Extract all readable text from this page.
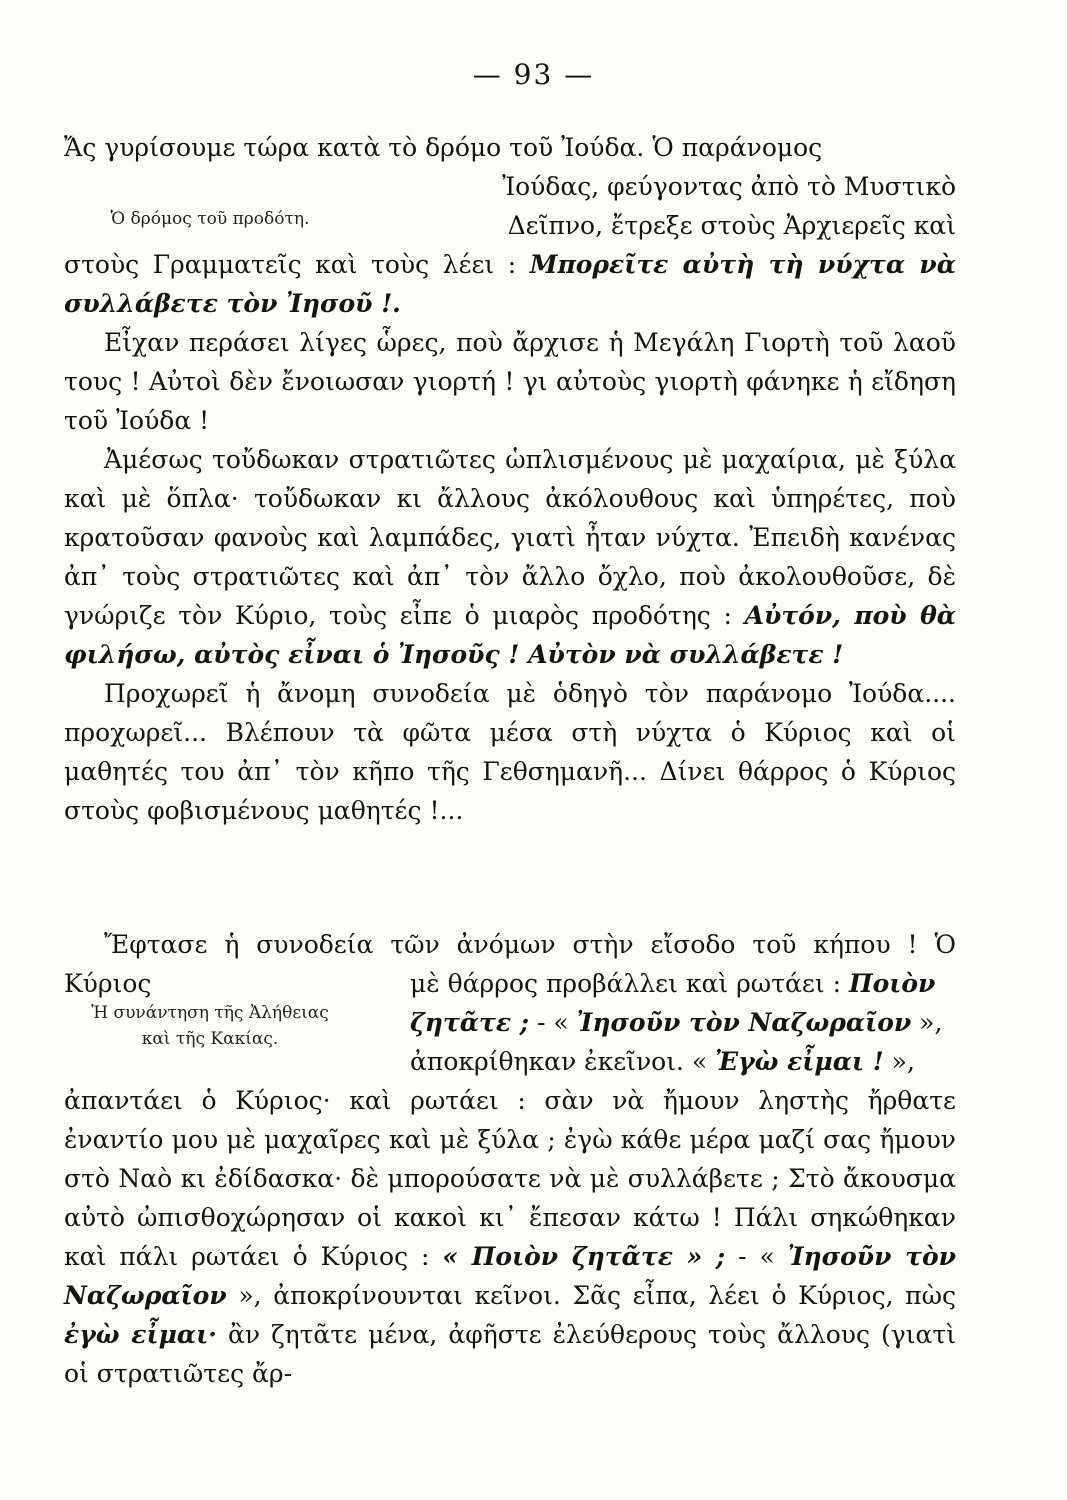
— 93 —

Ἄς γυρίσουμε τώρα κατὰ τὸ δρόμο τοῦ Ἰούδα. Ὁ παράνομος

Ὁ δρόμος τοῦ προδότη.
Ἰούδας, φεύγοντας ἀπὸ τὸ Μυστικὸ
Δεῖπνο, ἔτρεξε στοὺς Ἀρχιερεῖς καὶ

στοὺς Γραμματεῖς καὶ τοὺς λέει : Μπορεῖτε αὐτὴ τὴ νύχτα νὰ συλλάβετε τὸν Ἰησοῦ !.

Εἶχαν περάσει λίγες ὧρες, ποὺ ἄρχισε ἡ Μεγάλη Γιορτὴ τοῦ λαοῦ τους ! Αὐτοὶ δὲν ἔνοιωσαν γιορτή ! γι αὐτοὺς γιορτὴ φάνηκε ἡ εἴδηση τοῦ Ἰούδα !

Ἀμέσως τοὔδωκαν στρατιῶτες ὡπλισμένους μὲ μαχαίρια, μὲ ξύλα καὶ μὲ ὅπλα· τοὔδωκαν κι ἄλλους ἀκόλουθους καὶ ὑπηρέτες, ποὺ κρατοῦσαν φανοὺς καὶ λαμπάδες, γιατὶ ἦταν νύχτα. Ἐπειδὴ κανένας ἀπ᾽ τοὺς στρατιῶτες καὶ ἀπ᾽ τὸν ἄλλο ὄχλο, ποὺ ἀκολουθοῦσε, δὲ γνώριζε τὸν Κύριο, τοὺς εἶπε ὁ μιαρὸς προδότης : Αὐτόν, ποὺ θὰ φιλήσω, αὐτὸς εἶναι ὁ Ἰησοῦς ! Αὐτὸν νὰ συλλάβετε !

Προχωρεῖ ἡ ἄνομη συνοδεία μὲ ὁδηγὸ τὸν παράνομο Ἰούδα.... προχωρεῖ... Βλέπουν τὰ φῶτα μέσα στὴ νύχτα ὁ Κύριος καὶ οἱ μαθητές του ἀπ᾽ τὸν κῆπο τῆς Γεθσημανῆ... Δίνει θάρρος ὁ Κύριος στοὺς φοβισμένους μαθητές !...

Ἔφτασε ἡ συνοδεία τῶν ἀνόμων στὴν εἴσοδο τοῦ κήπου ! Ὁ Κύριος

Ἡ συνάντηση τῆς Ἀλήθειας
καὶ τῆς Κακίας.
μὲ θάρρος προβάλλει καὶ ρωτάει : Ποιὸν
ζητᾶτε ; - « Ἰησοῦν τὸν Ναζωραῖον »,
ἀποκρίθηκαν ἐκεῖνοι. « Ἐγὼ εἶμαι ! »,

ἀπαντάει ὁ Κύριος· καὶ ρωτάει : σὰν νὰ ἤμουν ληστὴς ἤρθατε ἐναντίο μου μὲ μαχαῖρες καὶ μὲ ξύλα ; ἐγὼ κάθε μέρα μαζί σας ἤμουν στὸ Ναὸ κι ἐδίδασκα· δὲ μπορούσατε νὰ μὲ συλλάβετε ; Στὸ ἄκουσμα αὐτὸ ὠπισθοχώρησαν οἱ κακοὶ κι᾽ ἔπεσαν κάτω ! Πάλι σηκώθηκαν καὶ πάλι ρωτάει ὁ Κύριος : « Ποιὸν ζητᾶτε » ; - « Ἰησοῦν τὸν Ναζωραῖον », ἀποκρίνουνται κεῖνοι. Σᾶς εἶπα, λέει ὁ Κύριος, πὼς ἐγὼ εἶμαι· ἂν ζητᾶτε μένα, ἀφῆστε ἐλεύθερους τοὺς ἄλλους (γιατὶ οἱ στρατιῶτες ἄρ-
